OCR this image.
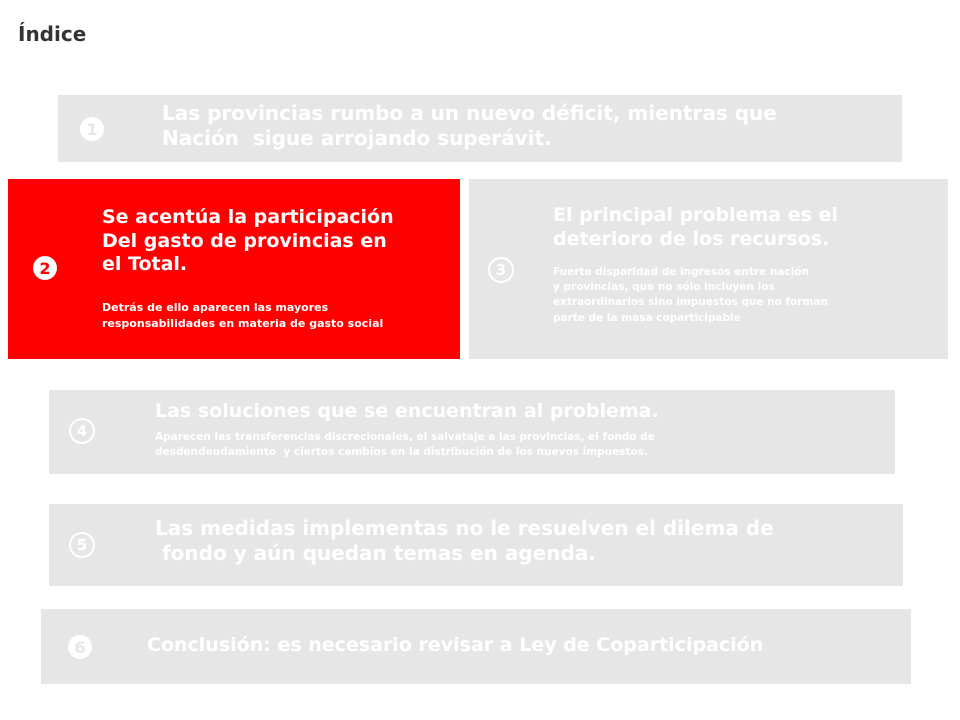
Índice
1
Las provincias rumbo a un nuevo déficit, mientras que
Nación  sigue arrojando superávit.
2
Se acentúa la participación
Del gasto de provincias en
el Total.
Detrás de ello aparecen las mayores
responsabilidades en materia de gasto social
3
El principal problema es el
deterioro de los recursos.
Fuerte disparidad de ingresos entre nación
y provincias, que no sólo incluyen los
extraordinarios sino impuestos que no forman
parte de la masa coparticipable
4
Las soluciones que se encuentran al problema.
Aparecen las transferencias discrecionales, el salvataje a las provincias, el fondo de
desdendeudamiento  y ciertos cambios en la distribución de los nuevos impuestos.
5
Las medidas implementas no le resuelven el dilema de
fondo y aún quedan temas en agenda.
6	Conclusión: es necesario revisar a Ley de Coparticipación
